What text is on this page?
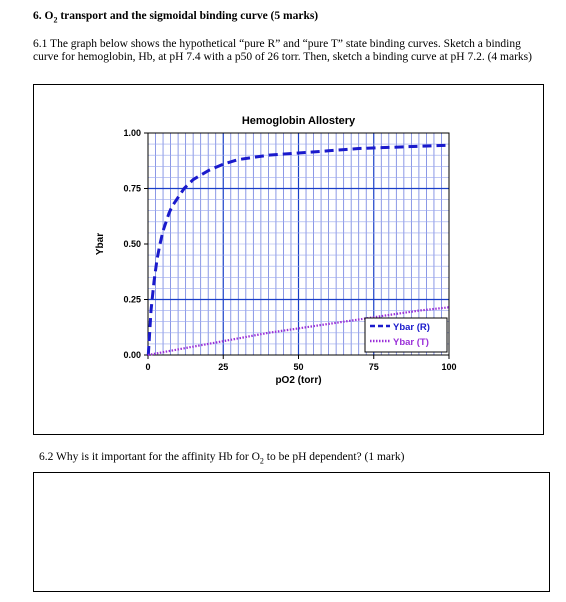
6. $O_2$ transport and the sigmoidal binding curve (5 marks)
6.1 The graph below shows the hypothetical “pure R” and “pure T” state binding curves. Sketch a binding curve for hemoglobin, Hb, at pH 7.4 with a p50 of 26 torr. Then, sketch a binding curve at pH 7.2. (4 marks)
0	25	50	75	100
0.00
0.25
0.50
0.75
1.00
Hemoglobin Allostery
pO2 (torr)
Ybar
Ybar (R)
Ybar (T)
6.2 Why is it important for the affinity Hb for $O_2$ to be pH dependent? (1 mark)
